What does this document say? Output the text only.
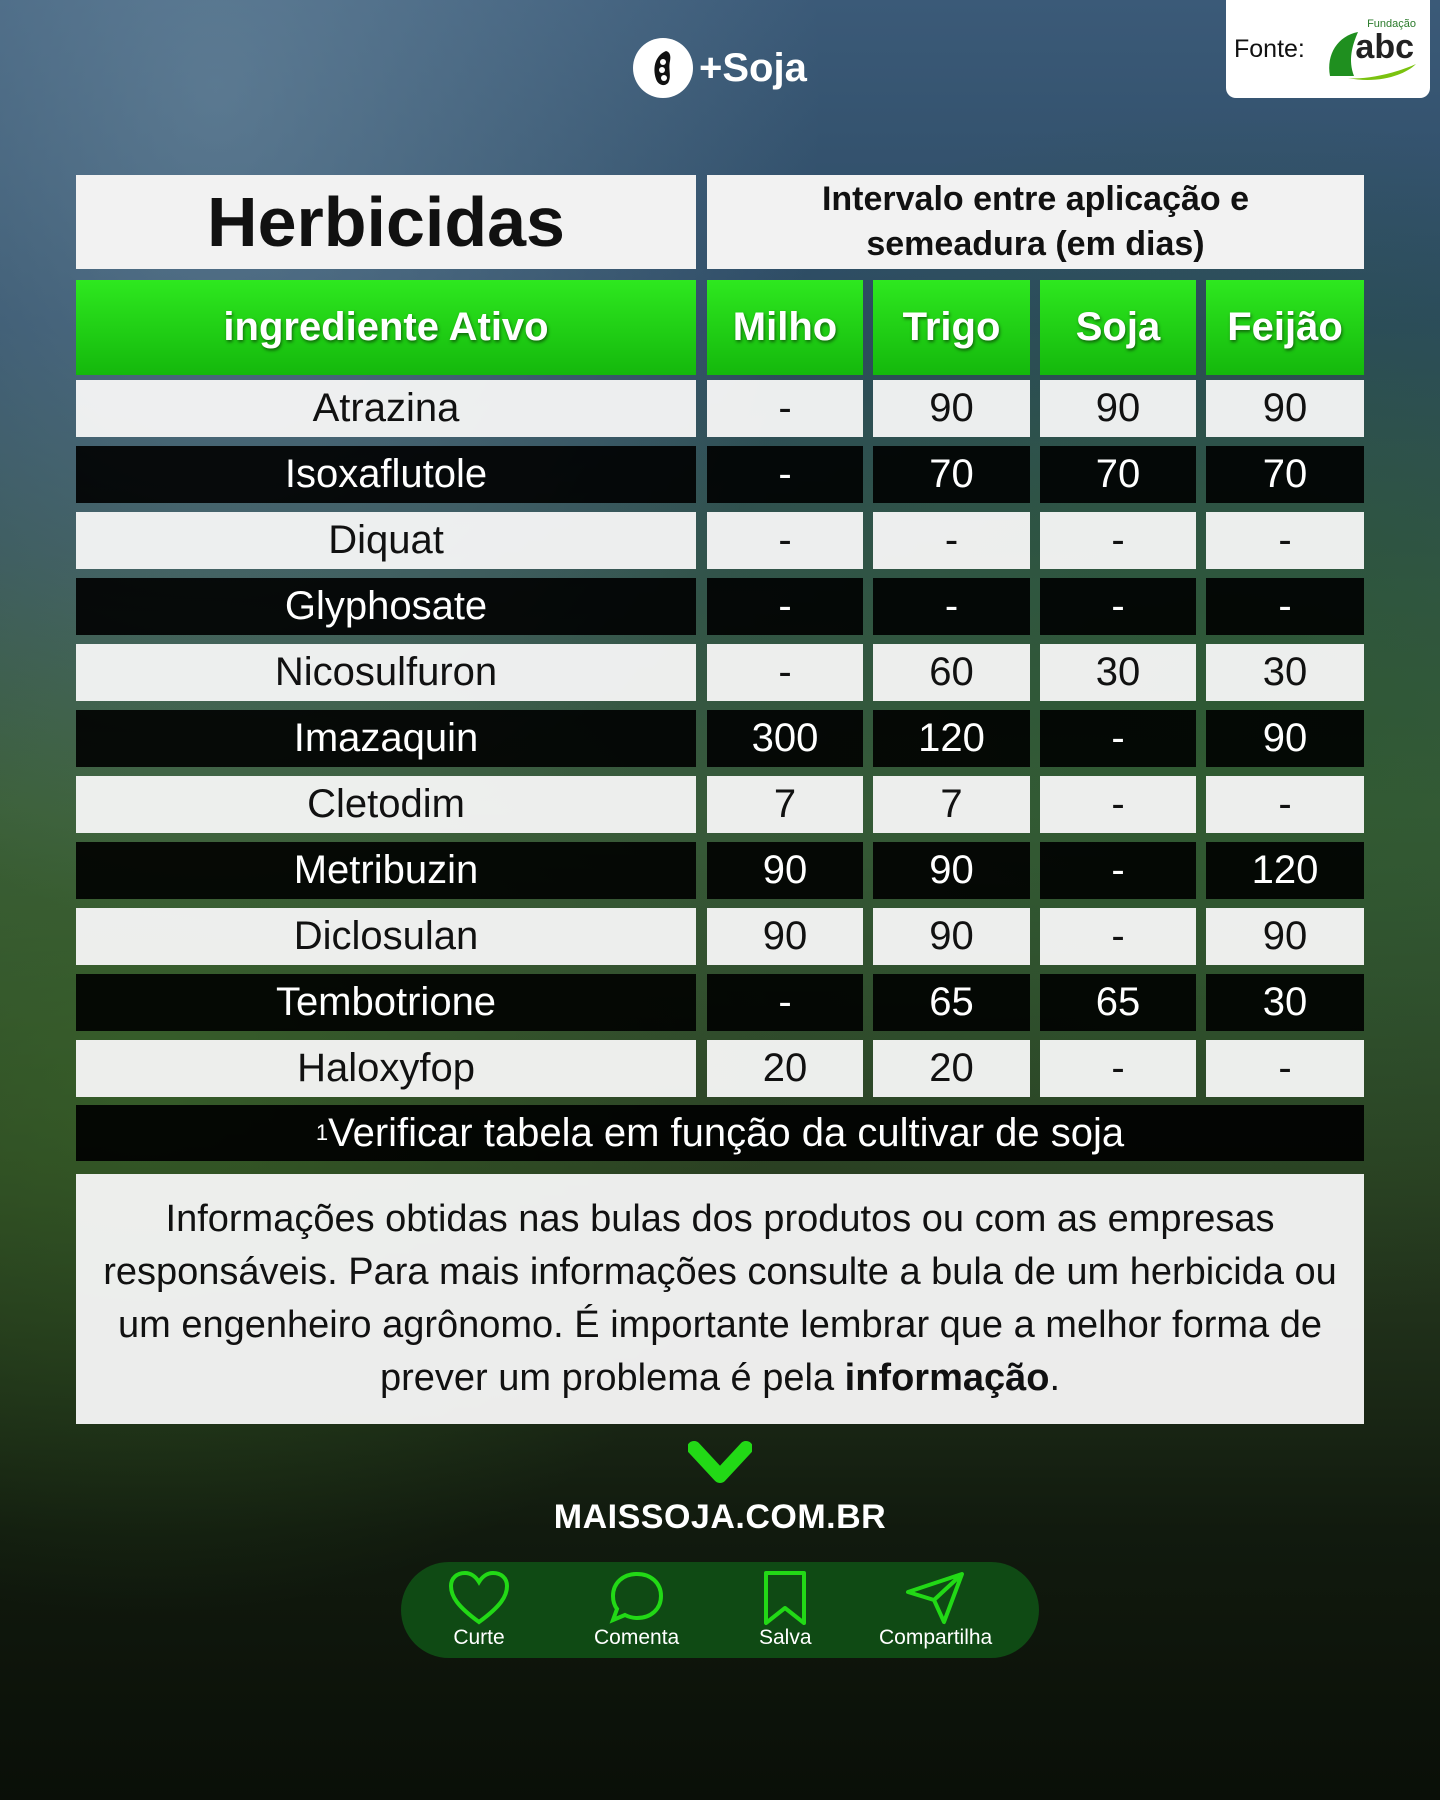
+Soja	Fonte:
Fundação
abc
Herbicidas	Intervalo entre aplicação e
semeadura (em dias)
ingrediente Ativo	Milho	Trigo	Soja	Feijão
Atrazina	-	90	90	90
Isoxaflutole	-	70	70	70
Diquat	-	-	-	-
Glyphosate	-	-	-	-
Nicosulfuron	-	60	30	30
Imazaquin	300	120	-	90
Cletodim	7	7	-	-
Metribuzin	90	90	-	120
Diclosulan	90	90	-	90
Tembotrione	-	65	65	30
Haloxyfop	20	20	-	-
1 Verificar tabela em função da cultivar de soja
Informações obtidas nas bulas dos produtos ou com as empresas responsáveis. Para mais informações consulte a bula de um herbicida ou um engenheiro agrônomo. É importante lembrar que a melhor forma de prever um problema é pela informação.
MAISSOJA.COM.BR
Curte	Comenta	Salva	Compartilha
